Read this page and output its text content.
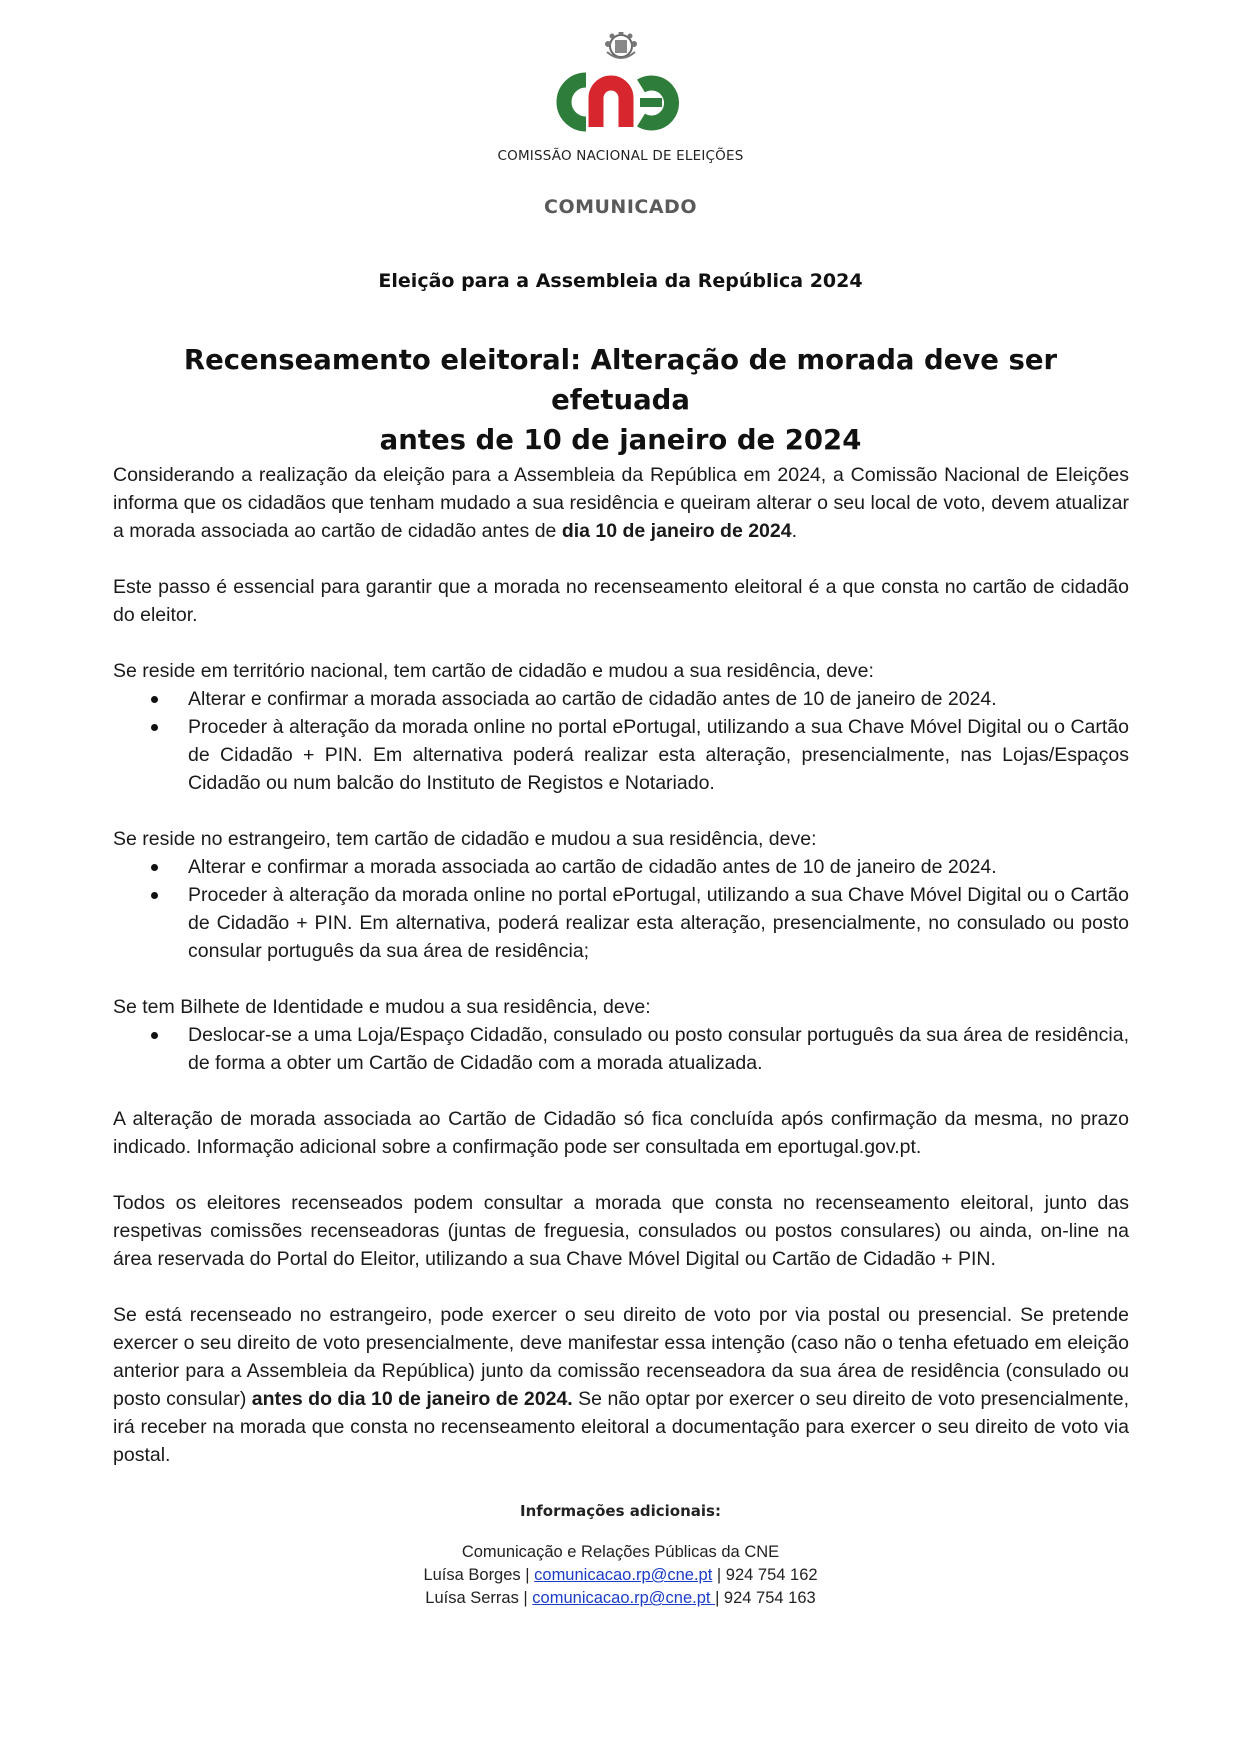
COMISSÃO NACIONAL DE ELEIÇÕES
COMUNICADO
Eleição para a Assembleia da República 2024
Recenseamento eleitoral: Alteração de morada deve ser efetuada
antes de 10 de janeiro de 2024

Considerando a realização da eleição para a Assembleia da República em 2024, a Comissão Nacional de Eleições informa que os cidadãos que tenham mudado a sua residência e queiram alterar o seu local de voto, devem atualizar a morada associada ao cartão de cidadão antes de dia 10 de janeiro de 2024.

Este passo é essencial para garantir que a morada no recenseamento eleitoral é a que consta no cartão de cidadão do eleitor.

Se reside em território nacional, tem cartão de cidadão e mudou a sua residência, deve:

Alterar e confirmar a morada associada ao cartão de cidadão antes de 10 de janeiro de 2024.
Proceder à alteração da morada online no portal ePortugal, utilizando a sua Chave Móvel Digital ou o Cartão de Cidadão + PIN. Em alternativa poderá realizar esta alteração, presencialmente, nas Lojas/Espaços Cidadão ou num balcão do Instituto de Registos e Notariado.

Se reside no estrangeiro, tem cartão de cidadão e mudou a sua residência, deve:

Alterar e confirmar a morada associada ao cartão de cidadão antes de 10 de janeiro de 2024.
Proceder à alteração da morada online no portal ePortugal, utilizando a sua Chave Móvel Digital ou o Cartão de Cidadão + PIN. Em alternativa, poderá realizar esta alteração, presencialmente, no consulado ou posto consular português da sua área de residência;

Se tem Bilhete de Identidade e mudou a sua residência, deve:

Deslocar-se a uma Loja/Espaço Cidadão, consulado ou posto consular português da sua área de residência, de forma a obter um Cartão de Cidadão com a morada atualizada.

A alteração de morada associada ao Cartão de Cidadão só fica concluída após confirmação da mesma, no prazo indicado. Informação adicional sobre a confirmação pode ser consultada em eportugal.gov.pt.

Todos os eleitores recenseados podem consultar a morada que consta no recenseamento eleitoral, junto das respetivas comissões recenseadoras (juntas de freguesia, consulados ou postos consulares) ou ainda, on-line na área reservada do Portal do Eleitor, utilizando a sua Chave Móvel Digital ou Cartão de Cidadão + PIN.

Se está recenseado no estrangeiro, pode exercer o seu direito de voto por via postal ou presencial. Se pretende exercer o seu direito de voto presencialmente, deve manifestar essa intenção (caso não o tenha efetuado em eleição anterior para a Assembleia da República) junto da comissão recenseadora da sua área de residência (consulado ou posto consular) antes do dia 10 de janeiro de 2024. Se não optar por exercer o seu direito de voto presencialmente, irá receber na morada que consta no recenseamento eleitoral a documentação para exercer o seu direito de voto via postal.

Informações adicionais:
Comunicação e Relações Públicas da CNE
Luísa Borges | comunicacao.rp@cne.pt | 924 754 162
Luísa Serras | comunicacao.rp@cne.pt | 924 754 163
